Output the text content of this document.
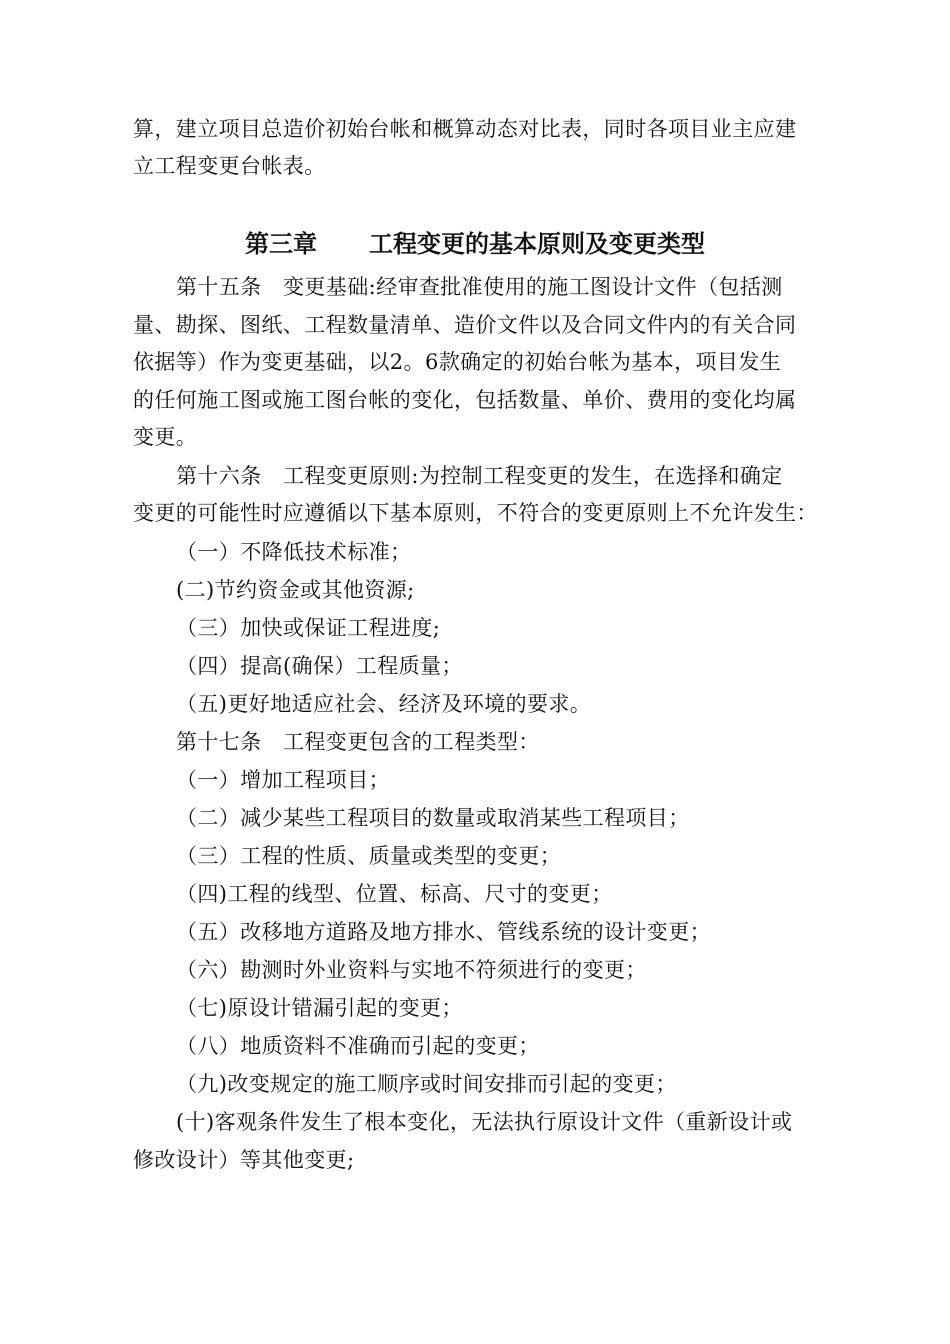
算，建立项目总造价初始台帐和概算动态对比表，同时各项目业主应建
立工程变更台帐表。
第三章 工程变更的基本原则及变更类型
第十五条　变更基础:经审查批准使用的施工图设计文件（包括测
量、勘探、图纸、工程数量清单、造价文件以及合同文件内的有关合同
依据等）作为变更基础，以2。6款确定的初始台帐为基本，项目发生
的任何施工图或施工图台帐的变化，包括数量、单价、费用的变化均属
变更。
第十六条　工程变更原则:为控制工程变更的发生，在选择和确定
变更的可能性时应遵循以下基本原则，不符合的变更原则上不允许发生：
（一）不降低技术标准；
(二)节约资金或其他资源;
（三）加快或保证工程进度;
（四）提高(确保）工程质量；
（五)更好地适应社会、经济及环境的要求。
第十七条　工程变更包含的工程类型：
（一）增加工程项目；
（二）减少某些工程项目的数量或取消某些工程项目；
（三）工程的性质、质量或类型的变更；
（四)工程的线型、位置、标高、尺寸的变更；
（五）改移地方道路及地方排水、管线系统的设计变更；
（六）勘测时外业资料与实地不符须进行的变更；
（七)原设计错漏引起的变更；
（八）地质资料不准确而引起的变更；
（九)改变规定的施工顺序或时间安排而引起的变更；
(十)客观条件发生了根本变化，无法执行原设计文件（重新设计或
修改设计）等其他变更;
